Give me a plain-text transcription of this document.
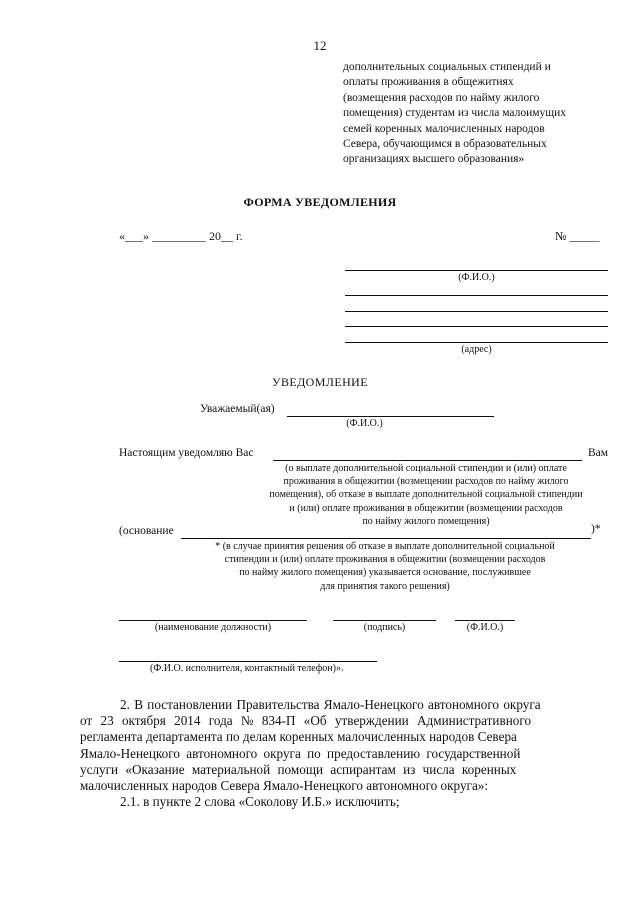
12
дополнительных социальных стипендий и
оплаты проживания в общежитиях
(возмещения расходов по найму жилого
помещения) студентам из числа малоимущих
семей коренных малочисленных народов
Севера, обучающимся в образовательных
организациях высшего образования»
ФОРМА УВЕДОМЛЕНИЯ
«___» _________ 20__ г.	№ _____
(Ф.И.О.)
(адрес)
УВЕДОМЛЕНИЕ
Уважаемый(ая)
(Ф.И.О.)
Настоящим уведомляю Вас	Вам
(о выплате дополнительной социальной стипендии и (или) оплате
проживания в общежитии (возмещении расходов по найму жилого
помещения), об отказе в выплате дополнительной социальной стипендии
и (или) оплате проживания в общежитии (возмещении расходов
по найму жилого помещения)
(основание	)*
* (в случае принятия решения об отказе в выплате дополнительной социальной
стипендии и (или) оплате проживания в общежитии (возмещении расходов
по найму жилого помещения) указывается основание, послужившее
для принятия такого решения)
(наименование должности)	(подпись)	(Ф.И.О.)
(Ф.И.О. исполнителя, контактный телефон)».
2. В постановлении Правительства Ямало-Ненецкого автономного округа
от 23 октября 2014 года № 834-П «Об утверждении Административного
регламента департамента по делам коренных малочисленных народов Севера
Ямало-Ненецкого автономного округа по предоставлению государственной
услуги «Оказание материальной помощи аспирантам из числа коренных
малочисленных народов Севера Ямало-Ненецкого автономного округа»:
2.1. в пункте 2 слова «Соколову И.Б.» исключить;
